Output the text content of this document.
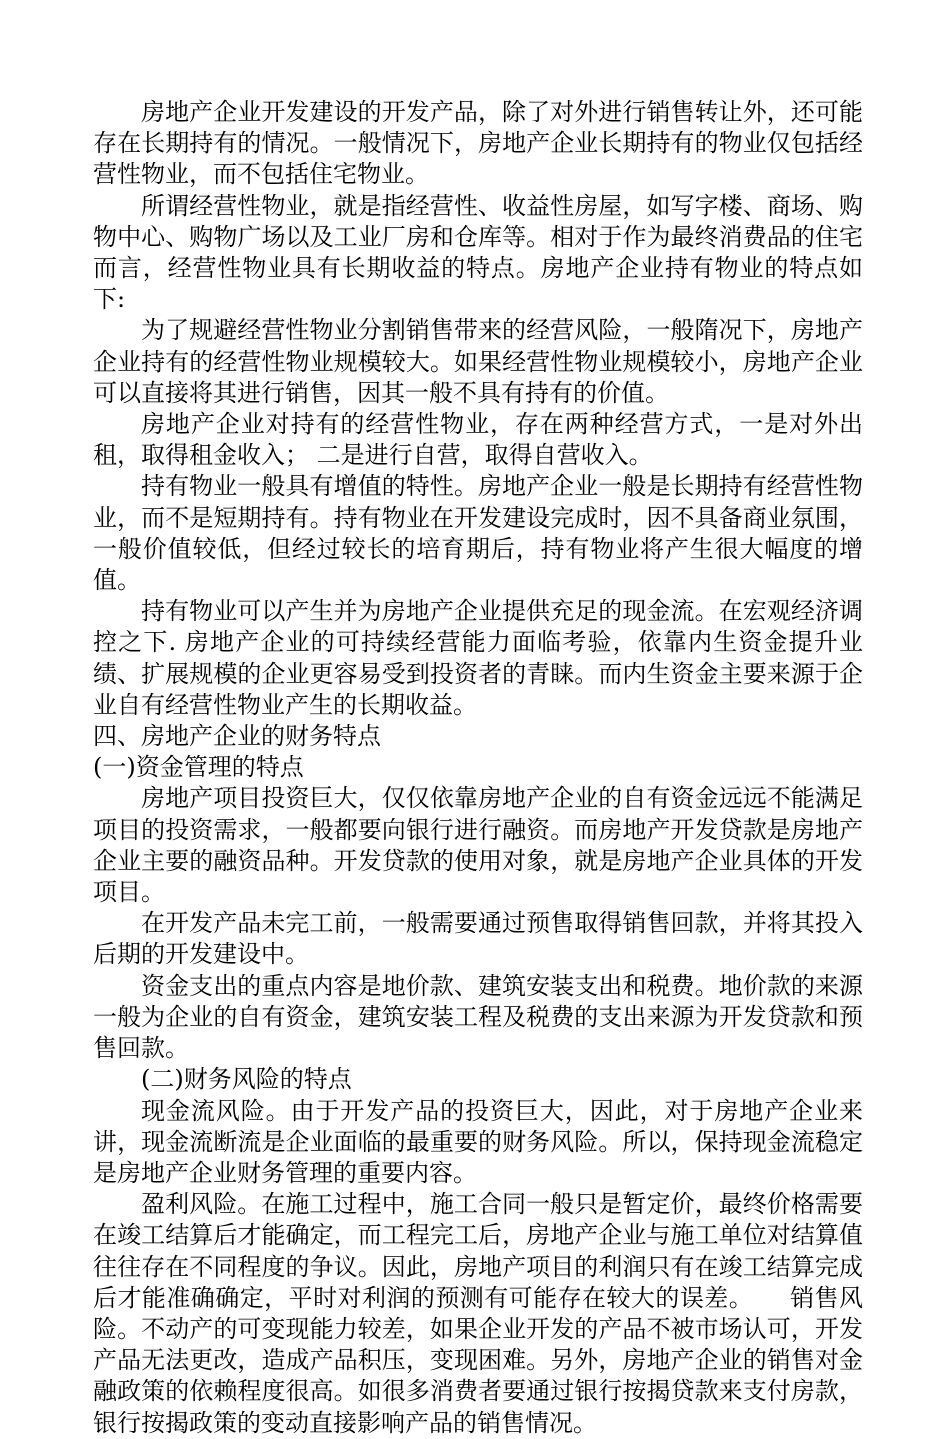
房地产企业开发建设的开发产品，除了对外进行销售转让外，还可能存在长期持有的情况。一般情况下，房地产企业长期持有的物业仅包括经营性物业，而不包括住宅物业。

所谓经营性物业，就是指经营性、收益性房屋，如写字楼、商场、购物中心、购物广场以及工业厂房和仓库等。相对于作为最终消费品的住宅而言，经营性物业具有长期收益的特点。房地产企业持有物业的特点如下:

为了规避经营性物业分割销售带来的经营风险，一般隋况下，房地产企业持有的经营性物业规模较大。如果经营性物业规模较小，房地产企业可以直接将其进行销售，因其一般不具有持有的价值。

房地产企业对持有的经营性物业，存在两种经营方式，一是对外出租，取得租金收入； 二是进行自营，取得自营收入。

持有物业一般具有增值的特性。房地产企业一般是长期持有经营性物业，而不是短期持有。持有物业在开发建设完成时，因不具备商业氛围，一般价值较低，但经过较长的培育期后，持有物业将产生很大幅度的增值。

持有物业可以产生并为房地产企业提供充足的现金流。在宏观经济调控之下. 房地产企业的可持续经营能力面临考验，依靠内生资金提升业绩、扩展规模的企业更容易受到投资者的青睐。而内生资金主要来源于企业自有经营性物业产生的长期收益。

四、房地产企业的财务特点

(一)资金管理的特点

房地产项目投资巨大，仅仅依靠房地产企业的自有资金远远不能满足项目的投资需求，一般都要向银行进行融资。而房地产开发贷款是房地产企业主要的融资品种。开发贷款的使用对象，就是房地产企业具体的开发项目。

在开发产品未完工前，一般需要通过预售取得销售回款，并将其投入后期的开发建设中。

资金支出的重点内容是地价款、建筑安装支出和税费。地价款的来源一般为企业的自有资金，建筑安装工程及税费的支出来源为开发贷款和预售回款。

(二)财务风险的特点

现金流风险。由于开发产品的投资巨大，因此，对于房地产企业来讲，现金流断流是企业面临的最重要的财务风险。所以，保持现金流稳定是房地产企业财务管理的重要内容。

盈利风险。在施工过程中，施工合同一般只是暂定价，最终价格需要在竣工结算后才能确定，而工程完工后，房地产企业与施工单位对结算值往往存在不同程度的争议。因此，房地产项目的利润只有在竣工结算完成后才能准确确定，平时对利润的预测有可能存在较大的误差。　　销售风险。不动产的可变现能力较差，如果企业开发的产品不被市场认可，开发产品无法更改，造成产品积压，变现困难。另外，房地产企业的销售对金融政策的依赖程度很高。如很多消费者要通过银行按揭贷款来支付房款，银行按揭政策的变动直接影响产品的销售情况。
